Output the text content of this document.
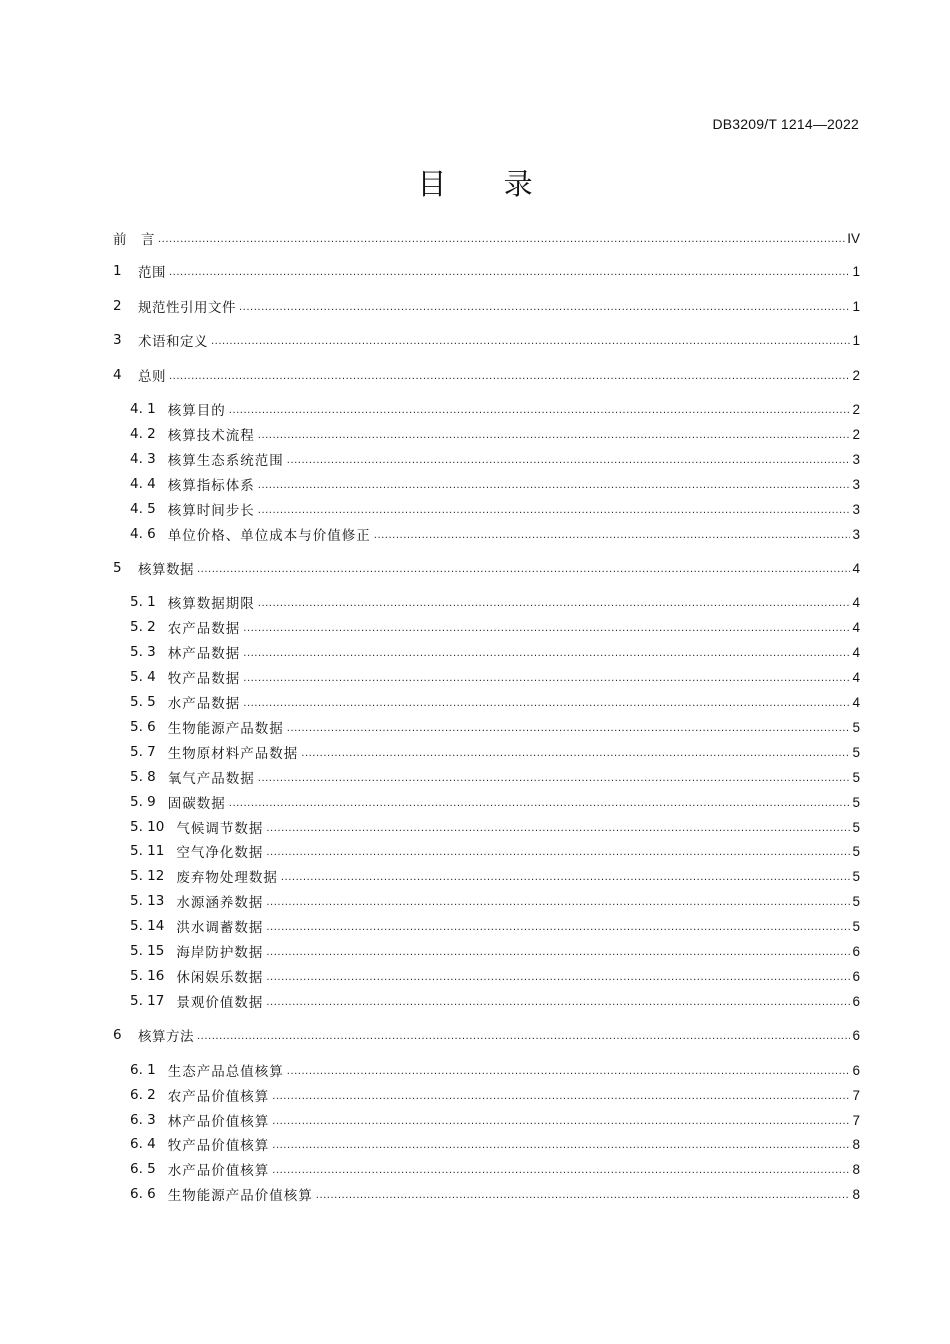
DB3209/T 1214—2022
目 录
前　言 .....	IV
1	范围 .....	1
2	规范性引用文件 .....	1
3	术语和定义 .....	1
4	总则 .....	2
4. 1 核算目的 .....	2
4. 2 核算技术流程 .....	2
4. 3 核算生态系统范围 .....	3
4. 4 核算指标体系 .....	3
4. 5 核算时间步长 .....	3
4. 6 单位价格、单位成本与价值修正 .....	3
5	核算数据 .....	4
5. 1 核算数据期限 .....	4
5. 2 农产品数据 .....	4
5. 3 林产品数据 .....	4
5. 4 牧产品数据 .....	4
5. 5 水产品数据 .....	4
5. 6 生物能源产品数据 .....	5
5. 7 生物原材料产品数据 .....	5
5. 8 氧气产品数据 .....	5
5. 9 固碳数据 .....	5
5. 10 气候调节数据 .....	5
5. 11 空气净化数据 .....	5
5. 12 废弃物处理数据 .....	5
5. 13 水源涵养数据 .....	5
5. 14 洪水调蓄数据 .....	5
5. 15 海岸防护数据 .....	6
5. 16 休闲娱乐数据 .....	6
5. 17 景观价值数据 .....	6
6	核算方法 .....	6
6. 1 生态产品总值核算 .....	6
6. 2 农产品价值核算 .....	7
6. 3 林产品价值核算 .....	7
6. 4 牧产品价值核算 .....	8
6. 5 水产品价值核算 .....	8
6. 6 生物能源产品价值核算 .....	8
